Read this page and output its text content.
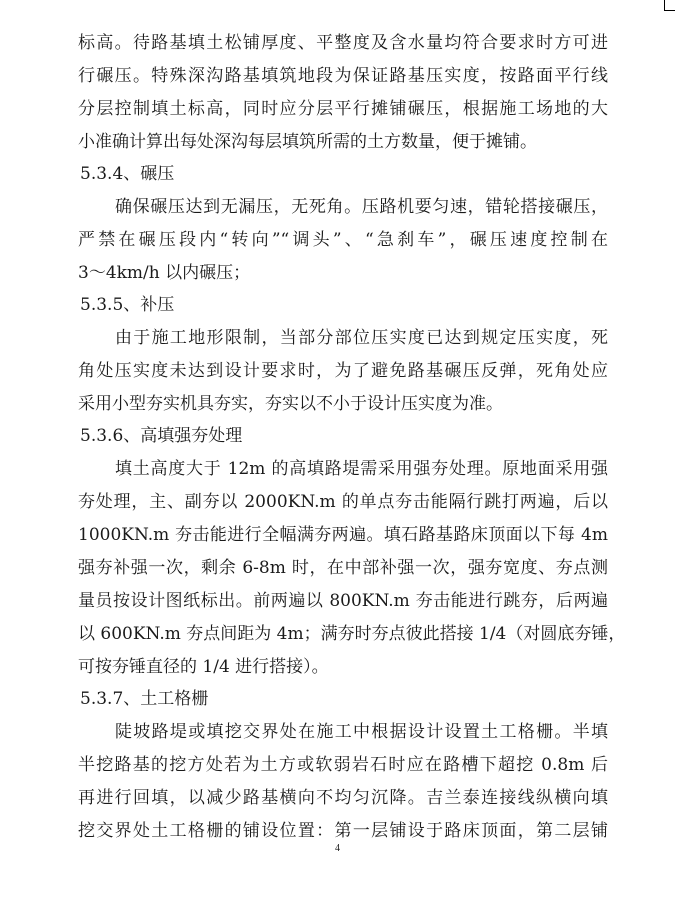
标高。待路基填土松铺厚度、平整度及含水量均符合要求时方可进
行碾压。特殊深沟路基填筑地段为保证路基压实度，按路面平行线
分层控制填土标高，同时应分层平行摊铺碾压，根据施工场地的大
小准确计算出每处深沟每层填筑所需的土方数量，便于摊铺。
5.3.4、碾压
确保碾压达到无漏压，无死角。压路机要匀速，错轮搭接碾压，
严禁在碾压段内“转向”“调头”、“急刹车”，碾压速度控制在
3～4km/h 以内碾压；
5.3.5、补压
由于施工地形限制，当部分部位压实度已达到规定压实度，死
角处压实度未达到设计要求时，为了避免路基碾压反弹，死角处应
采用小型夯实机具夯实，夯实以不小于设计压实度为准。
5.3.6、高填强夯处理
填土高度大于 12m 的高填路堤需采用强夯处理。原地面采用强
夯处理，主、副夯以 2000KN.m 的单点夯击能隔行跳打两遍，后以
1000KN.m 夯击能进行全幅满夯两遍。填石路基路床顶面以下每 4m
强夯补强一次，剩余 6-8m 时，在中部补强一次，强夯宽度、夯点测
量员按设计图纸标出。前两遍以 800KN.m 夯击能进行跳夯，后两遍
以 600KN.m 夯点间距为 4m；满夯时夯点彼此搭接 1/4（对圆底夯锤，
可按夯锤直径的 1/4 进行搭接）。
5.3.7、土工格栅
陡坡路堤或填挖交界处在施工中根据设计设置土工格栅。半填
半挖路基的挖方处若为土方或软弱岩石时应在路槽下超挖 0.8m 后
再进行回填，以减少路基横向不均匀沉降。吉兰泰连接线纵横向填
挖交界处土工格栅的铺设位置：第一层铺设于路床顶面，第二层铺
4
